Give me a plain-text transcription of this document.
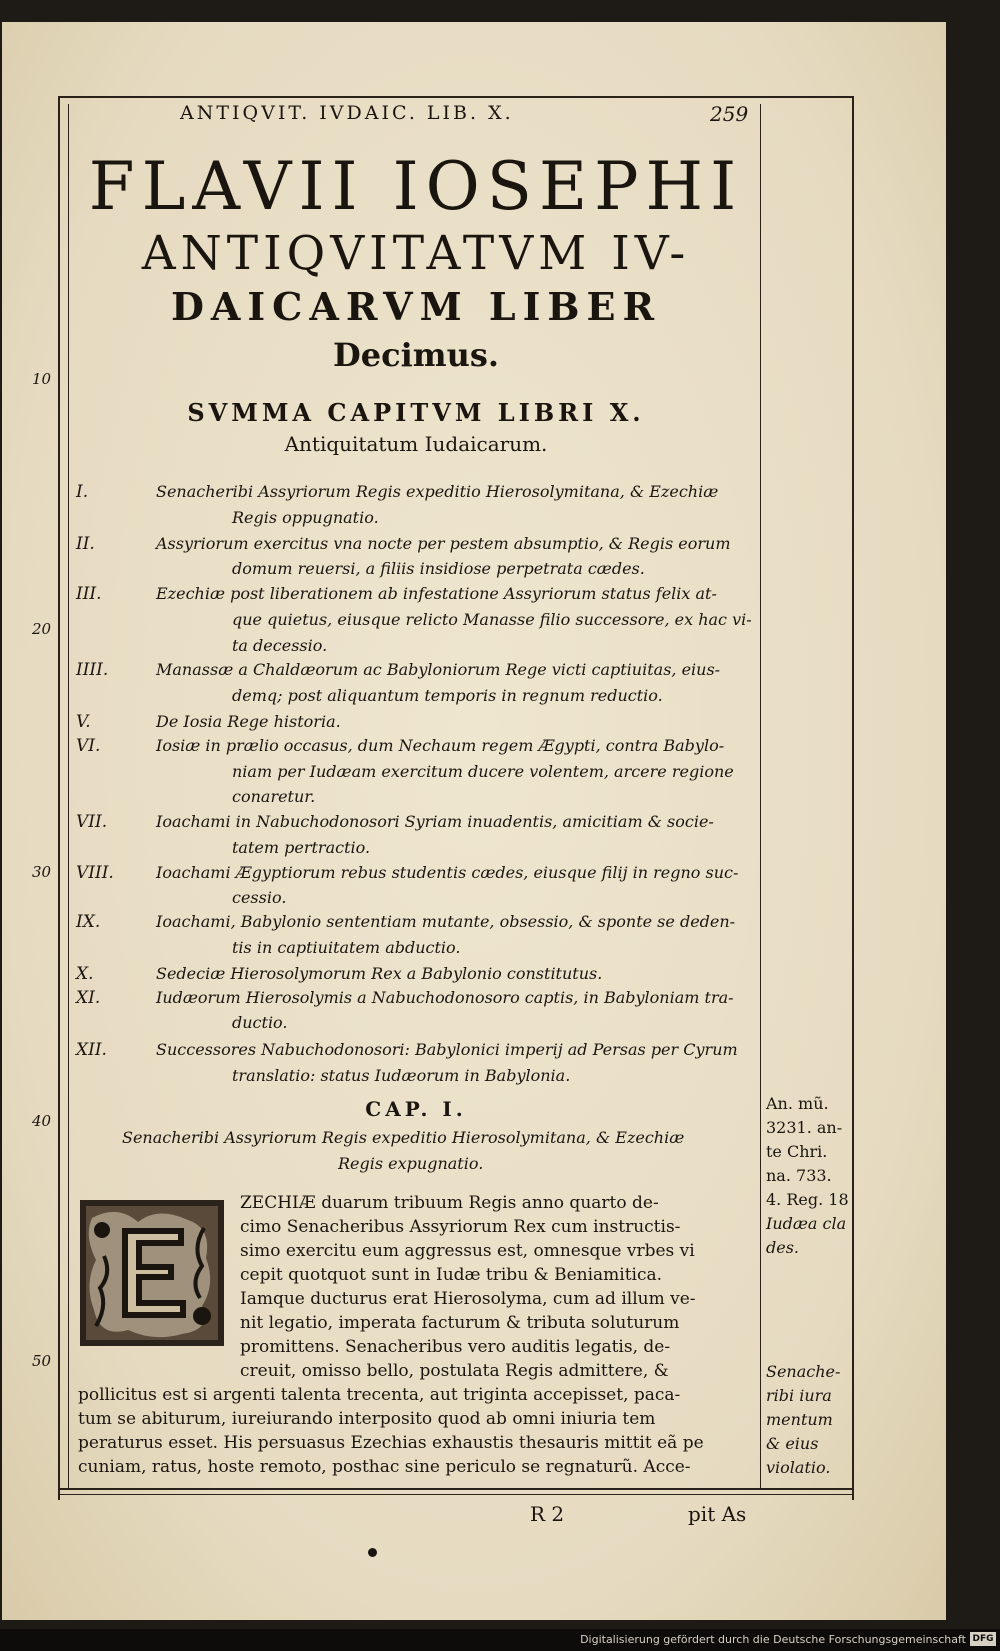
ANTIQVIT. IVDAIC. LIB. X.	259
FLAVII IOSEPHI
ANTIQVITATVM IV-
DAICARVM LIBER
Decimus.
SVMMA CAPITVM LIBRI X.
Antiquitatum Iudaicarum.
10
20
30
40
50
I.	Senacheribi Assyriorum Regis expeditio Hierosolymitana, & Ezechiæ
Regis oppugnatio.
II.	Assyriorum exercitus vna nocte per pestem absumptio, & Regis eorum
domum reuersi, a filiis insidiose perpetrata cædes.
III.	Ezechiæ post liberationem ab infestatione Assyriorum status felix at-
que quietus, eiusque relicto Manasse filio successore, ex hac vi-
ta decessio.
IIII.	Manassæ a Chaldæorum ac Babyloniorum Rege victi captiuitas, eius-
demq; post aliquantum temporis in regnum reductio.
V.	De Iosia Rege historia.
VI.	Iosiæ in prælio occasus, dum Nechaum regem Ægypti, contra Babylo-
niam per Iudæam exercitum ducere volentem, arcere regione
conaretur.
VII.	Ioachami in Nabuchodonosori Syriam inuadentis, amicitiam & socie-
tatem pertractio.
VIII.	Ioachami Ægyptiorum rebus studentis cædes, eiusque filij in regno suc-
cessio.
IX.	Ioachami, Babylonio sententiam mutante, obsessio, & sponte se deden-
tis in captiuitatem abductio.
X.	Sedeciæ Hierosolymorum Rex a Babylonio constitutus.
XI.	Iudæorum Hierosolymis a Nabuchodonosoro captis, in Babyloniam tra-
ductio.
XII.	Successores Nabuchodonosori: Babylonici imperij ad Persas per Cyrum
translatio: status Iudæorum in Babylonia.
CAP. I.
Senacheribi Assyriorum Regis expeditio Hierosolymitana, & Ezechiæ
Regis expugnatio.
ZECHIÆ duarum tribuum Regis anno quarto de-
cimo Senacheribus Assyriorum Rex cum instructis-
simo exercitu eum aggressus est, omnesque vrbes vi
cepit quotquot sunt in Iudæ tribu & Beniamitica.
Iamque ducturus erat Hierosolyma, cum ad illum ve-
nit legatio, imperata facturum & tributa soluturum
promittens. Senacheribus vero auditis legatis, de-
creuit, omisso bello, postulata Regis admittere, &
pollicitus est si argenti talenta trecenta, aut triginta accepisset, paca-
tum se abiturum, iureiurando interposito quod ab omni iniuria tem
peraturus esset. His persuasus Ezechias exhaustis thesauris mittit eã pe
cuniam, ratus, hoste remoto, posthac sine periculo se regnaturũ. Acce-
An. mũ.
3231. an-
te Chri.
na. 733.
4. Reg. 18
Iudæa cla
des.
Senache-
ribi iura
mentum
& eius
violatio.
R 2	pit As
Digitalisierung gefördert durch die Deutsche Forschungsgemeinschaft DFG
